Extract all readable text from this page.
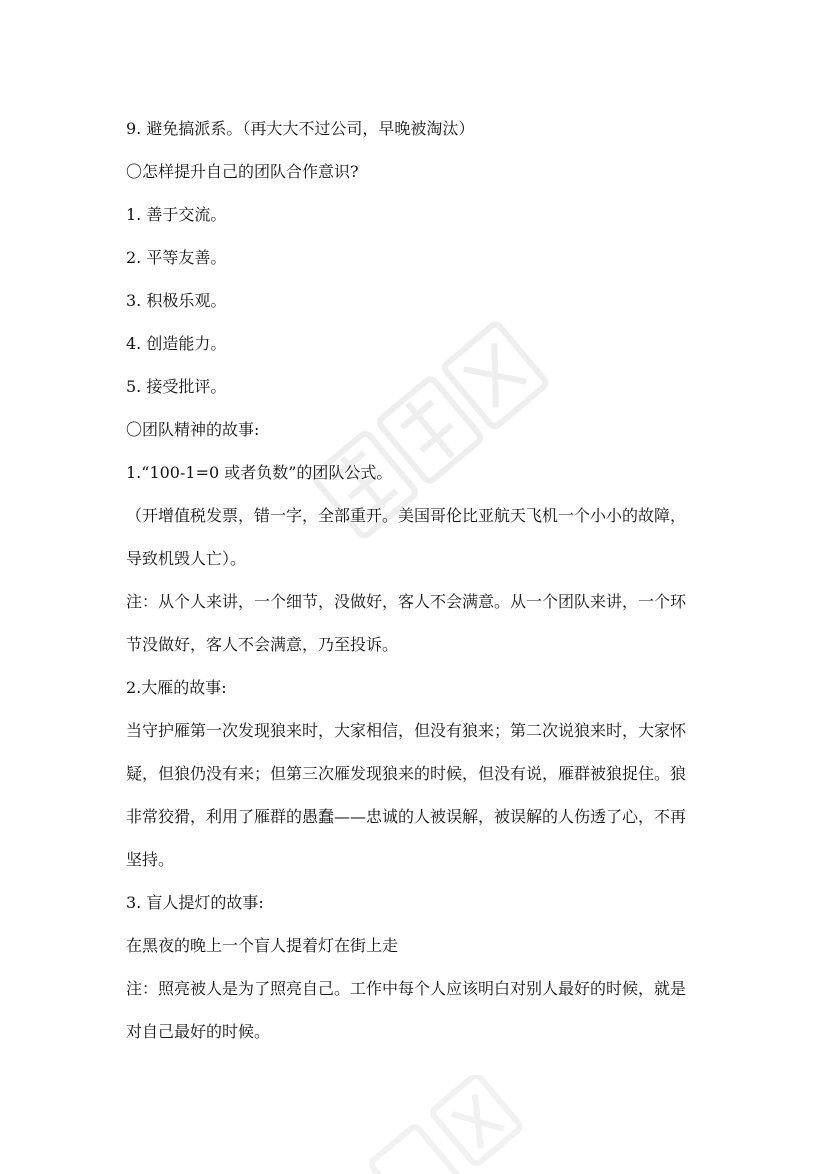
9. 避免搞派系。（再大大不过公司，早晚被淘汰）
〇怎样提升自己的团队合作意识?
1. 善于交流。
2. 平等友善。
3. 积极乐观。
4. 创造能力。
5. 接受批评。
〇团队精神的故事:
1.“100-1=0 或者负数”的团队公式。
（开增值税发票，错一字，全部重开。美国哥伦比亚航天飞机一个小小的故障，
导致机毁人亡）。
注：从个人来讲，一个细节，没做好，客人不会满意。从一个团队来讲，一个环
节没做好，客人不会满意，乃至投诉。
2.大雁的故事:
当守护雁第一次发现狼来时，大家相信，但没有狼来；第二次说狼来时，大家怀
疑，但狼仍没有来；但第三次雁发现狼来的时候，但没有说，雁群被狼捉住。狼
非常狡猾，利用了雁群的愚蠢——忠诚的人被误解，被误解的人伤透了心，不再
坚持。
3. 盲人提灯的故事:
在黑夜的晚上一个盲人提着灯在街上走
注：照亮被人是为了照亮自己。工作中每个人应该明白对别人最好的时候，就是
对自己最好的时候。
